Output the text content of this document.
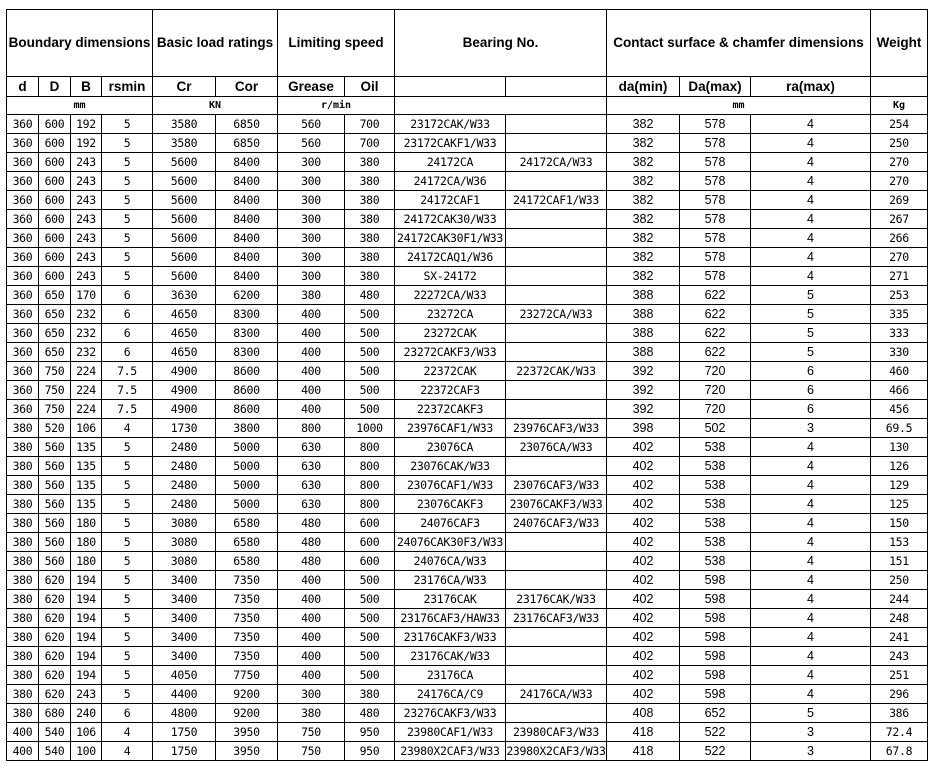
Boundary dimensions				Basic load ratings		Limiting speed		Bearing No.		Contact surface & chamfer dimensions			Weight
d	D	B	rsmin	Cr	Cor	Grease	Oil			da(min)	Da(max)	ra(max)	
mm				KN		r/min				mm			Kg
360	600	192	5	3580	6850	560	700	23172CAK/W33		382	578	4	254
360	600	192	5	3580	6850	560	700	23172CAKF1/W33		382	578	4	250
360	600	243	5	5600	8400	300	380	24172CA	24172CA/W33	382	578	4	270
360	600	243	5	5600	8400	300	380	24172CA/W36		382	578	4	270
360	600	243	5	5600	8400	300	380	24172CAF1	24172CAF1/W33	382	578	4	269
360	600	243	5	5600	8400	300	380	24172CAK30/W33		382	578	4	267
360	600	243	5	5600	8400	300	380	24172CAK30F1/W33		382	578	4	266
360	600	243	5	5600	8400	300	380	24172CAQ1/W36		382	578	4	270
360	600	243	5	5600	8400	300	380	SX-24172		382	578	4	271
360	650	170	6	3630	6200	380	480	22272CA/W33		388	622	5	253
360	650	232	6	4650	8300	400	500	23272CA	23272CA/W33	388	622	5	335
360	650	232	6	4650	8300	400	500	23272CAK		388	622	5	333
360	650	232	6	4650	8300	400	500	23272CAKF3/W33		388	622	5	330
360	750	224	7.5	4900	8600	400	500	22372CAK	22372CAK/W33	392	720	6	460
360	750	224	7.5	4900	8600	400	500	22372CAF3		392	720	6	466
360	750	224	7.5	4900	8600	400	500	22372CAKF3		392	720	6	456
380	520	106	4	1730	3800	800	1000	23976CAF1/W33	23976CAF3/W33	398	502	3	69.5
380	560	135	5	2480	5000	630	800	23076CA	23076CA/W33	402	538	4	130
380	560	135	5	2480	5000	630	800	23076CAK/W33		402	538	4	126
380	560	135	5	2480	5000	630	800	23076CAF1/W33	23076CAF3/W33	402	538	4	129
380	560	135	5	2480	5000	630	800	23076CAKF3	23076CAKF3/W33	402	538	4	125
380	560	180	5	3080	6580	480	600	24076CAF3	24076CAF3/W33	402	538	4	150
380	560	180	5	3080	6580	480	600	24076CAK30F3/W33		402	538	4	153
380	560	180	5	3080	6580	480	600	24076CA/W33		402	538	4	151
380	620	194	5	3400	7350	400	500	23176CA/W33		402	598	4	250
380	620	194	5	3400	7350	400	500	23176CAK	23176CAK/W33	402	598	4	244
380	620	194	5	3400	7350	400	500	23176CAF3/HAW33	23176CAF3/W33	402	598	4	248
380	620	194	5	3400	7350	400	500	23176CAKF3/W33		402	598	4	241
380	620	194	5	3400	7350	400	500	23176CAK/W33		402	598	4	243
380	620	194	5	4050	7750	400	500	23176CA		402	598	4	251
380	620	243	5	4400	9200	300	380	24176CA/C9	24176CA/W33	402	598	4	296
380	680	240	6	4800	9200	380	480	23276CAKF3/W33		408	652	5	386
400	540	106	4	1750	3950	750	950	23980CAF1/W33	23980CAF3/W33	418	522	3	72.4
400	540	100	4	1750	3950	750	950	23980X2CAF3/W33	23980X2CAF3/W33	418	522	3	67.8
